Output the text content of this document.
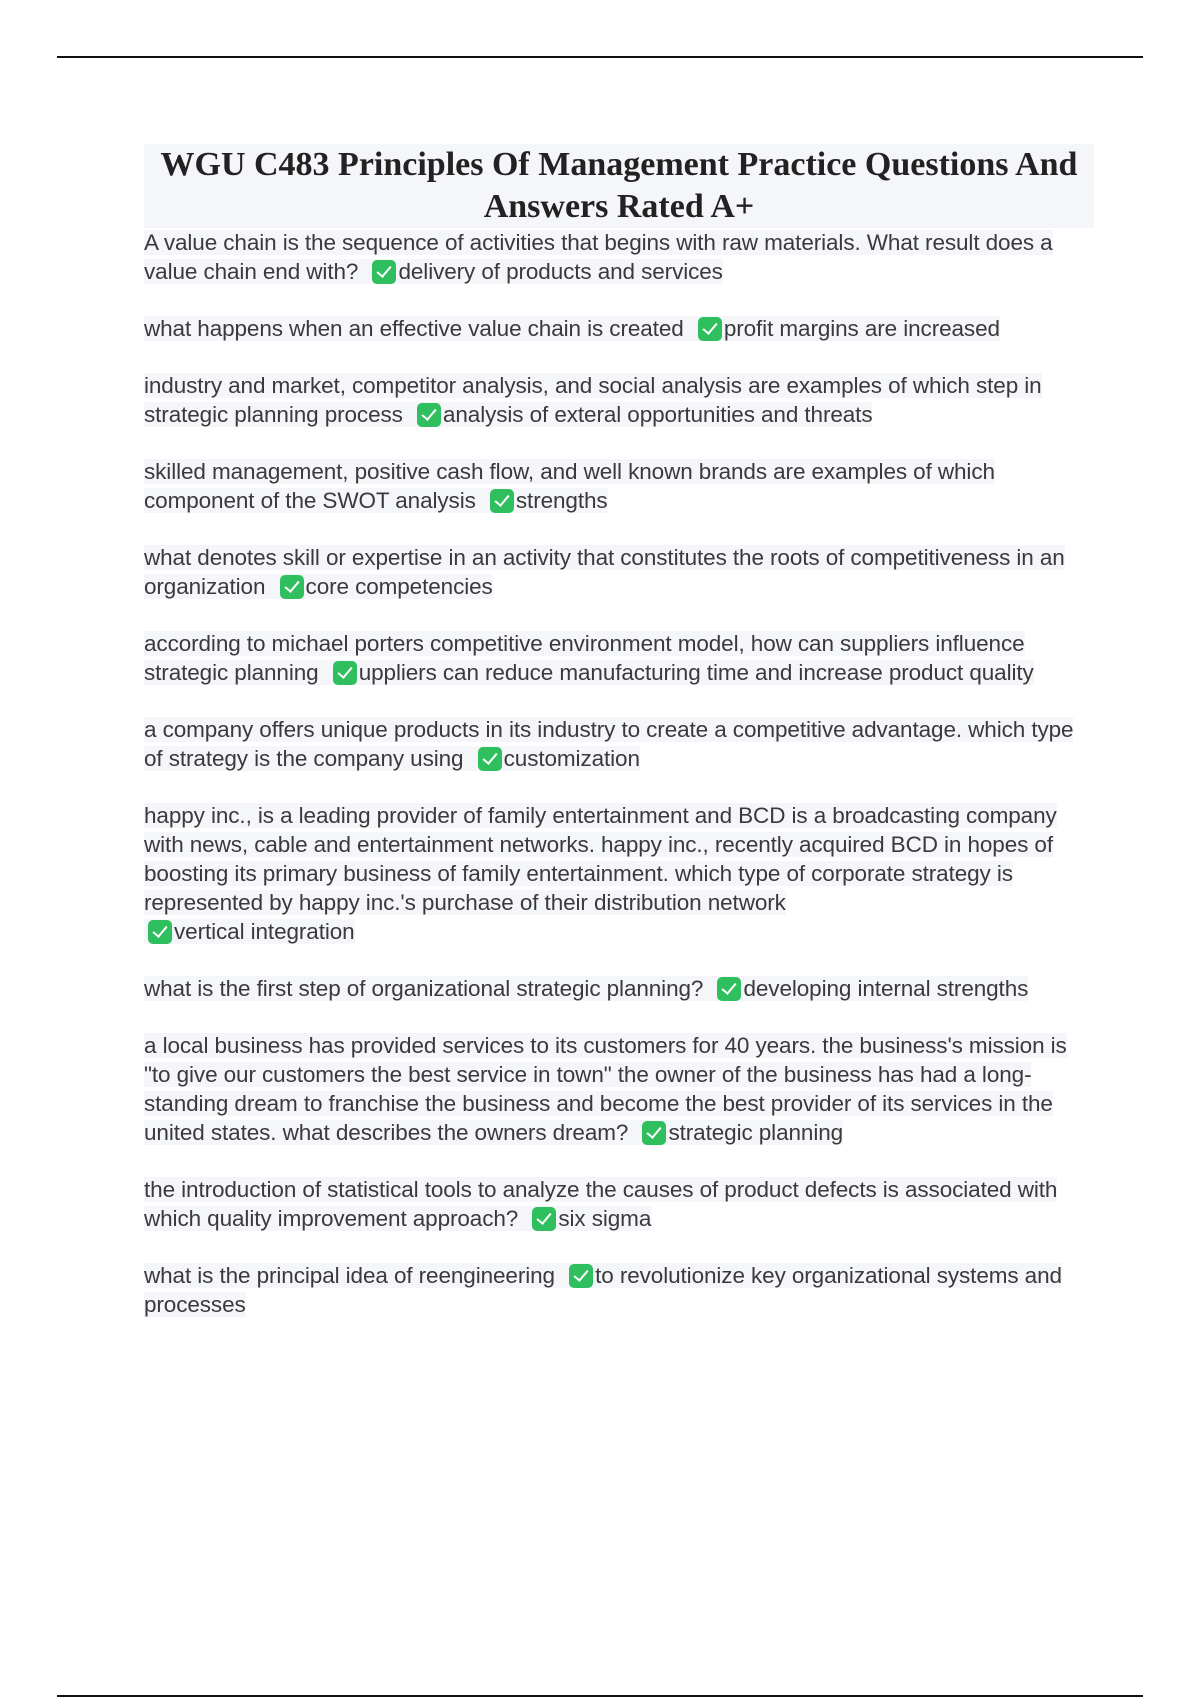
WGU C483 Principles Of Management Practice Questions And Answers Rated A+
A value chain is the sequence of activities that begins with raw materials. What result does a value chain end with? delivery of products and services
what happens when an effective value chain is created profit margins are increased
industry and market, competitor analysis, and social analysis are examples of which step in strategic planning process analysis of exteral opportunities and threats
skilled management, positive cash flow, and well known brands are examples of which component of the SWOT analysis strengths
what denotes skill or expertise in an activity that constitutes the roots of competitiveness in an organization core competencies
according to michael porters competitive environment model, how can suppliers influence strategic planning uppliers can reduce manufacturing time and increase product quality
a company offers unique products in its industry to create a competitive advantage. which type of strategy is the company using customization
happy inc., is a leading provider of family entertainment and BCD is a broadcasting company with news, cable and entertainment networks. happy inc., recently acquired BCD in hopes of boosting its primary business of family entertainment. which type of corporate strategy is represented by happy inc.'s purchase of their distribution network
vertical integration
what is the first step of organizational strategic planning? developing internal strengths
a local business has provided services to its customers for 40 years. the business's mission is "to give our customers the best service in town" the owner of the business has had a long-standing dream to franchise the business and become the best provider of its services in the united states. what describes the owners dream? strategic planning
the introduction of statistical tools to analyze the causes of product defects is associated with which quality improvement approach? six sigma
what is the principal idea of reengineering to revolutionize key organizational systems and processes
